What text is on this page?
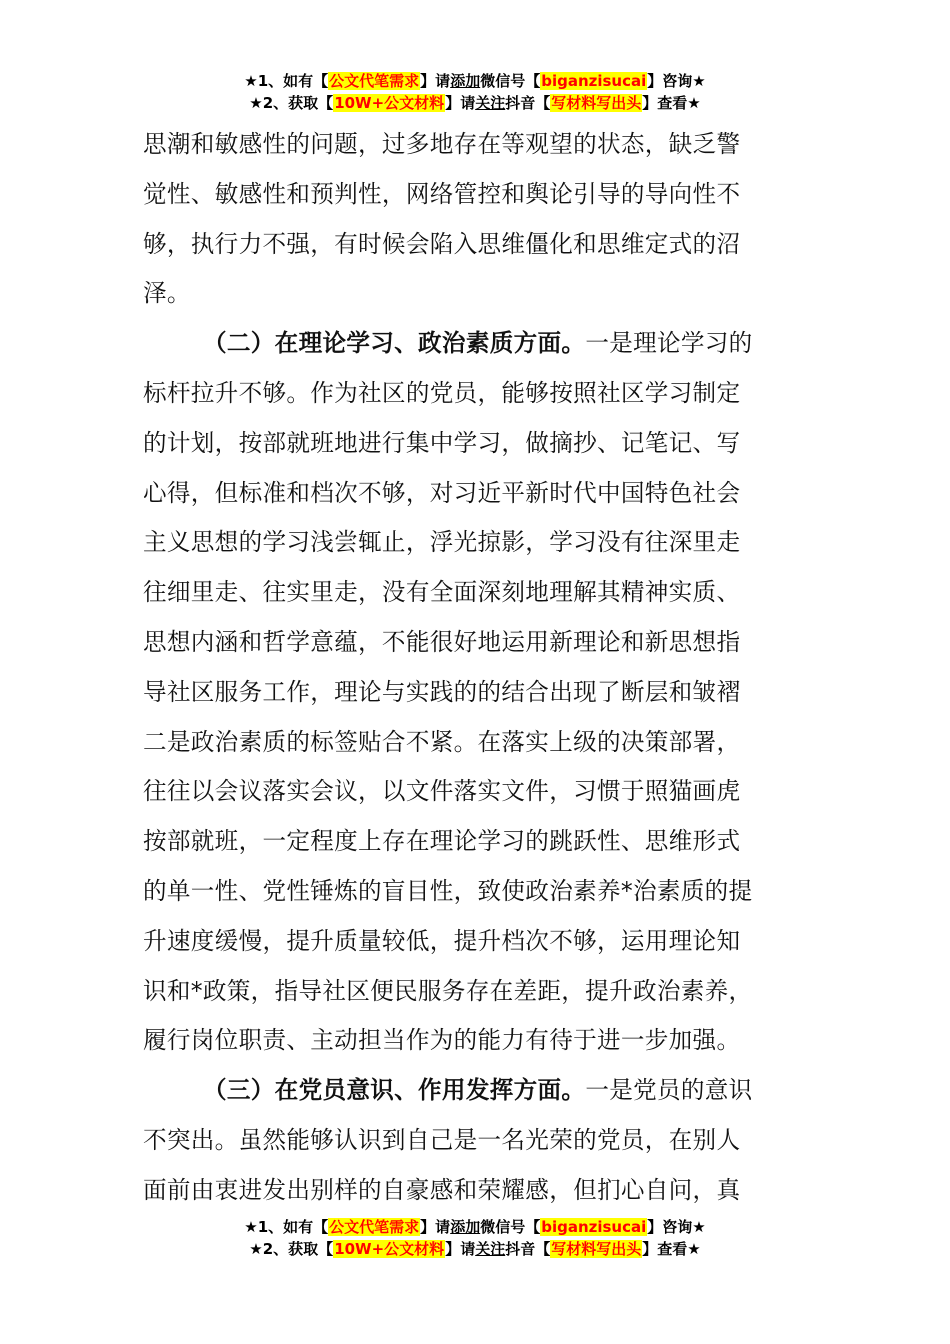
★1、如有【公文代笔需求】请添加微信号【biganzisucai】咨询★
★2、获取【10W+公文材料】请关注抖音【写材料写出头】查看★
思潮和敏感性的问题，过多地存在等观望的状态，缺乏警
觉性、敏感性和预判性，网络管控和舆论引导的导向性不
够，执行力不强，有时候会陷入思维僵化和思维定式的沼
泽。
（二）在理论学习、政治素质方面。一是理论学习的
标杆拉升不够。作为社区的党员，能够按照社区学习制定
的计划，按部就班地进行集中学习，做摘抄、记笔记、写
心得，但标准和档次不够，对习近平新时代中国特色社会
主义思想的学习浅尝辄止，浮光掠影，学习没有往深里走
往细里走、往实里走，没有全面深刻地理解其精神实质、
思想内涵和哲学意蕴，不能很好地运用新理论和新思想指
导社区服务工作，理论与实践的的结合出现了断层和皱褶
二是政治素质的标签贴合不紧。在落实上级的决策部署，
往往以会议落实会议，以文件落实文件，习惯于照猫画虎
按部就班，一定程度上存在理论学习的跳跃性、思维形式
的单一性、党性锤炼的盲目性，致使政治素养*治素质的提
升速度缓慢，提升质量较低，提升档次不够，运用理论知
识和*政策，指导社区便民服务存在差距，提升政治素养，
履行岗位职责、主动担当作为的能力有待于进一步加强。
（三）在党员意识、作用发挥方面。一是党员的意识
不突出。虽然能够认识到自己是一名光荣的党员，在别人
面前由衷进发出别样的自豪感和荣耀感，但扪心自问，真
★1、如有【公文代笔需求】请添加微信号【biganzisucai】咨询★
★2、获取【10W+公文材料】请关注抖音【写材料写出头】查看★
